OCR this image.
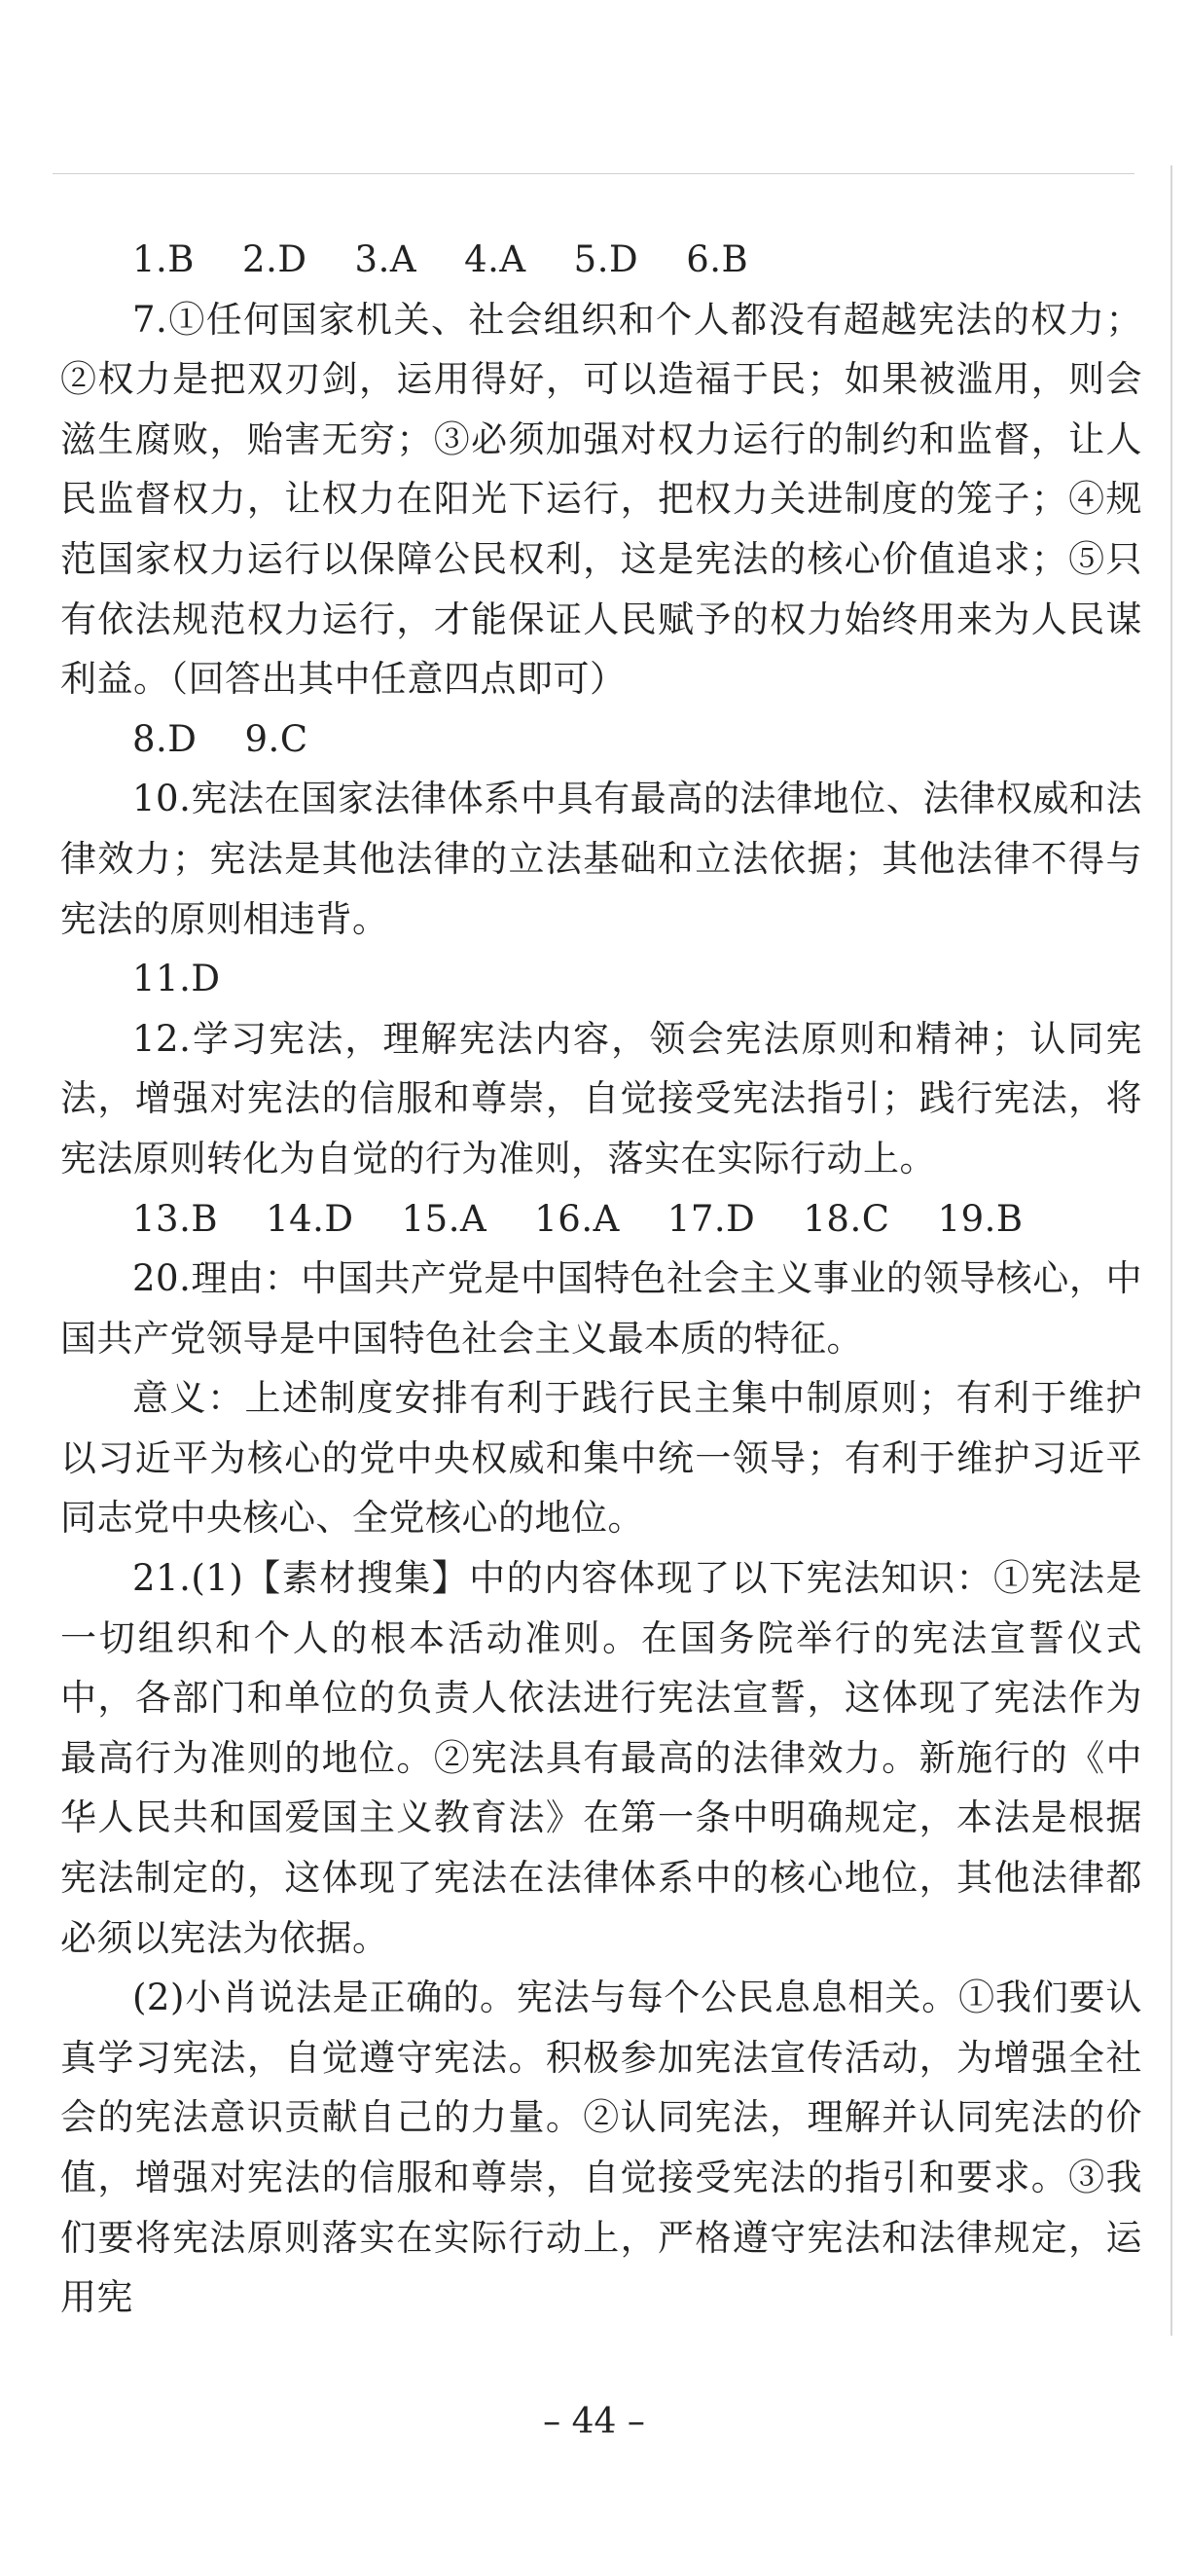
1.B    2.D    3.A    4.A    5.D    6.B

7.①任何国家机关、社会组织和个人都没有超越宪法的权力；②权力是把双刃剑，运用得好，可以造福于民；如果被滥用，则会滋生腐败，贻害无穷；③必须加强对权力运行的制约和监督，让人民监督权力，让权力在阳光下运行，把权力关进制度的笼子；④规范国家权力运行以保障公民权利，这是宪法的核心价值追求；⑤只有依法规范权力运行，才能保证人民赋予的权力始终用来为人民谋利益。（回答出其中任意四点即可）

8.D    9.C

10.宪法在国家法律体系中具有最高的法律地位、法律权威和法律效力；宪法是其他法律的立法基础和立法依据；其他法律不得与宪法的原则相违背。

11.D

12.学习宪法，理解宪法内容，领会宪法原则和精神；认同宪法，增强对宪法的信服和尊崇，自觉接受宪法指引；践行宪法，将宪法原则转化为自觉的行为准则，落实在实际行动上。

13.B    14.D    15.A    16.A    17.D    18.C    19.B

20.理由：中国共产党是中国特色社会主义事业的领导核心，中国共产党领导是中国特色社会主义最本质的特征。

意义：上述制度安排有利于践行民主集中制原则；有利于维护以习近平为核心的党中央权威和集中统一领导；有利于维护习近平同志党中央核心、全党核心的地位。

21.(1)【素材搜集】中的内容体现了以下宪法知识：①宪法是一切组织和个人的根本活动准则。在国务院举行的宪法宣誓仪式中，各部门和单位的负责人依法进行宪法宣誓，这体现了宪法作为最高行为准则的地位。②宪法具有最高的法律效力。新施行的《中华人民共和国爱国主义教育法》在第一条中明确规定，本法是根据宪法制定的，这体现了宪法在法律体系中的核心地位，其他法律都必须以宪法为依据。

(2)小肖说法是正确的。宪法与每个公民息息相关。①我们要认真学习宪法，自觉遵守宪法。积极参加宪法宣传活动，为增强全社会的宪法意识贡献自己的力量。②认同宪法，理解并认同宪法的价值，增强对宪法的信服和尊崇，自觉接受宪法的指引和要求。③我们要将宪法原则落实在实际行动上，严格遵守宪法和法律规定，运用宪

– 44 –
